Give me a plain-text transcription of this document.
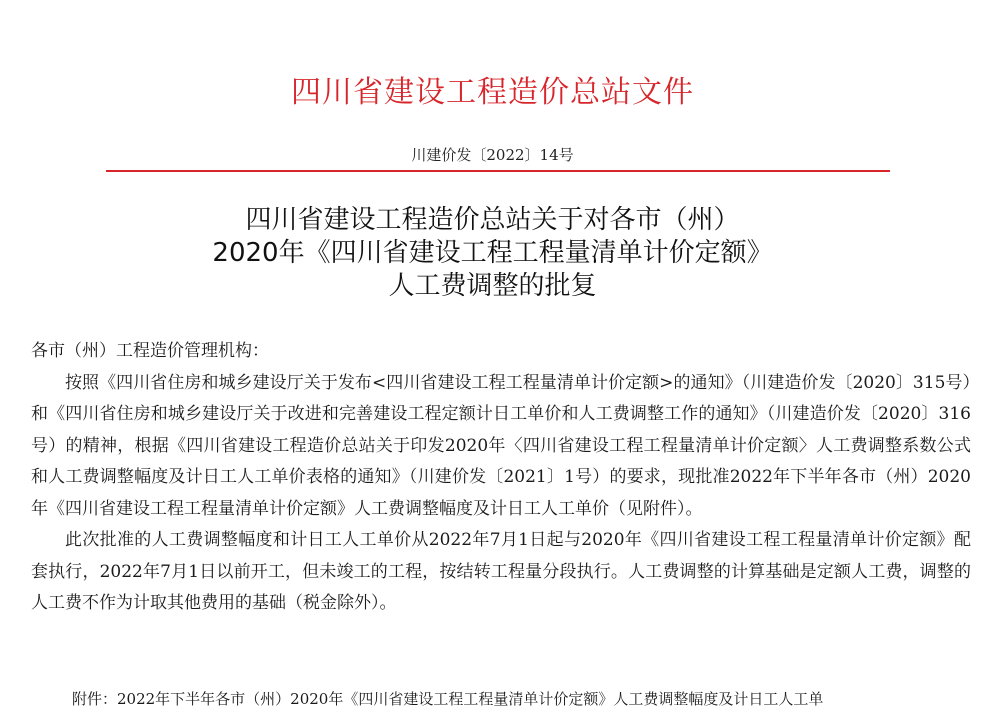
四川省建设工程造价总站文件
川建价发〔2022〕14号
四川省建设工程造价总站关于对各市（州）
2020年《四川省建设工程工程量清单计价定额》
人工费调整的批复

各市（州）工程造价管理机构：

按照《四川省住房和城乡建设厅关于发布<四川省建设工程工程量清单计价定额>的通知》（川建造价发〔2020〕315号）和《四川省住房和城乡建设厅关于改进和完善建设工程定额计日工单价和人工费调整工作的通知》（川建造价发〔2020〕316号）的精神，根据《四川省建设工程造价总站关于印发2020年〈四川省建设工程工程量清单计价定额〉人工费调整系数公式和人工费调整幅度及计日工人工单价表格的通知》（川建价发〔2021〕1号）的要求，现批准2022年下半年各市（州）2020年《四川省建设工程工程量清单计价定额》人工费调整幅度及计日工人工单价（见附件）。

此次批准的人工费调整幅度和计日工人工单价从2022年7月1日起与2020年《四川省建设工程工程量清单计价定额》配套执行，2022年7月1日以前开工，但未竣工的工程，按结转工程量分段执行。人工费调整的计算基础是定额人工费，调整的人工费不作为计取其他费用的基础（税金除外）。

附件：2022年下半年各市（州）2020年《四川省建设工程工程量清单计价定额》人工费调整幅度及计日工人工单
